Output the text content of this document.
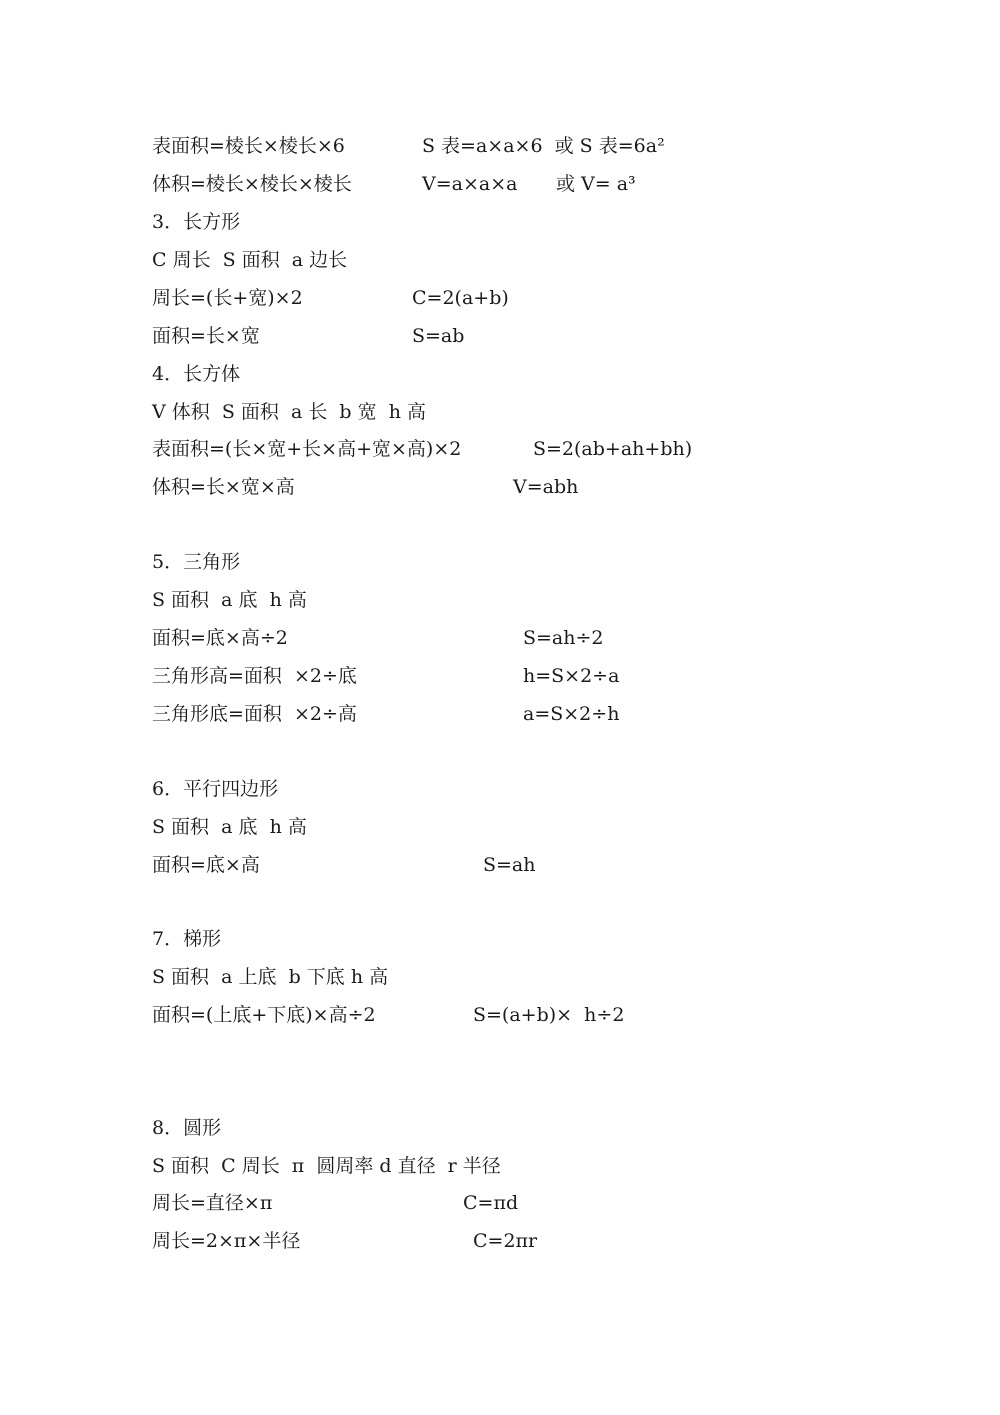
表面积=棱长×棱长×6	S 表=a×a×6  或 S 表=6a²
体积=棱长×棱长×棱长	V=a×a×a 或 V= a³
3．长方形
C 周长  S 面积  a 边长
周长=(长+宽)×2	C=2(a+b)
面积=长×宽	S=ab
4．长方体
V 体积  S 面积  a 长  b 宽  h 高
表面积=(长×宽+长×高+宽×高)×2	S=2(ab+ah+bh)
体积=长×宽×高	V=abh
5．三角形
S 面积  a 底  h 高
面积=底×高÷2	S=ah÷2
三角形高=面积  ×2÷底	h=S×2÷a
三角形底=面积  ×2÷高	a=S×2÷h
6．平行四边形
S 面积  a 底  h 高
面积=底×高	S=ah
7．梯形
S 面积  a 上底  b 下底 h 高
面积=(上底+下底)×高÷2	S=(a+b)×  h÷2
8．圆形
S 面积  C 周长  π  圆周率 d 直径  r 半径
周长=直径×π	C=πd
周长=2×π×半径	C=2πr
